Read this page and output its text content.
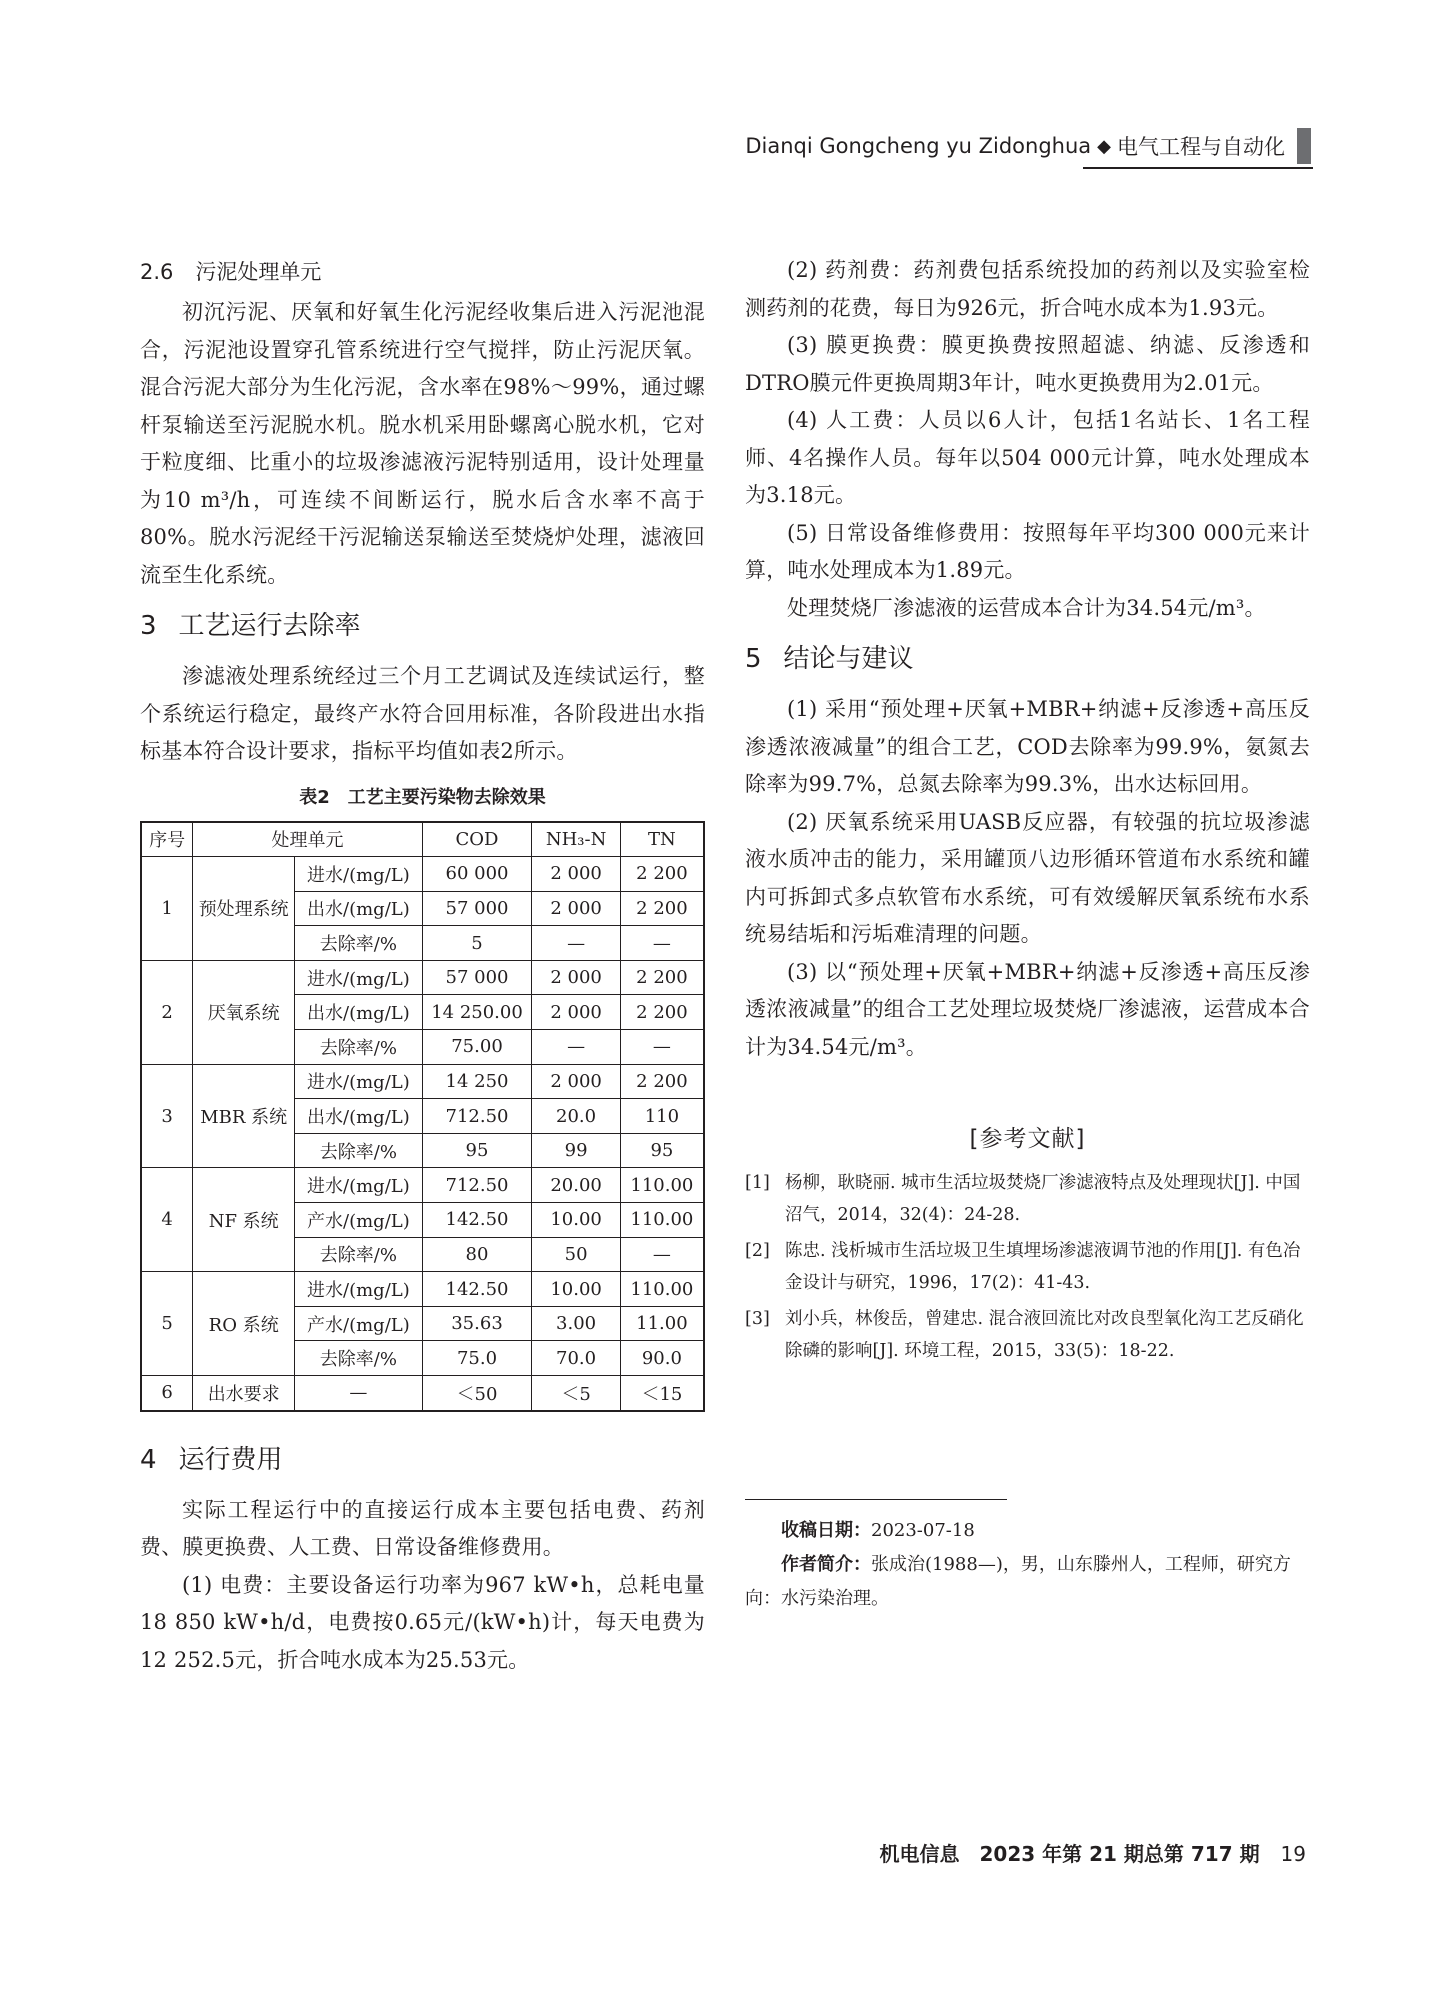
Dianqi Gongcheng yu Zidonghua ◆ 电气工程与自动化
2.6 污泥处理单元

初沉污泥、厌氧和好氧生化污泥经收集后进入污泥池混合，污泥池设置穿孔管系统进行空气搅拌，防止污泥厌氧。混合污泥大部分为生化污泥，含水率在98%～99%，通过螺杆泵输送至污泥脱水机。脱水机采用卧螺离心脱水机，它对于粒度细、比重小的垃圾渗滤液污泥特别适用，设计处理量为10 m³/h，可连续不间断运行，脱水后含水率不高于80%。脱水污泥经干污泥输送泵输送至焚烧炉处理，滤液回流至生化系统。

3 工艺运行去除率

渗滤液处理系统经过三个月工艺调试及连续试运行，整个系统运行稳定，最终产水符合回用标准，各阶段进出水指标基本符合设计要求，指标平均值如表2所示。

表2　工艺主要污染物去除效果
序号	处理单元		COD	NH₃-N	TN
1	预处理系统	进水/(mg/L)	60 000	2 000	2 200
		出水/(mg/L)	57 000	2 000	2 200
		去除率/%	5	—	—
2	厌氧系统	进水/(mg/L)	57 000	2 000	2 200
		出水/(mg/L)	14 250.00	2 000	2 200
		去除率/%	75.00	—	—
3	MBR 系统	进水/(mg/L)	14 250	2 000	2 200
		出水/(mg/L)	712.50	20.0	110
		去除率/%	95	99	95
4	NF 系统	进水/(mg/L)	712.50	20.00	110.00
		产水/(mg/L)	142.50	10.00	110.00
		去除率/%	80	50	—
5	RO 系统	进水/(mg/L)	142.50	10.00	110.00
		产水/(mg/L)	35.63	3.00	11.00
		去除率/%	75.0	70.0	90.0
6	出水要求	—	＜50	＜5	＜15
4 运行费用

实际工程运行中的直接运行成本主要包括电费、药剂费、膜更换费、人工费、日常设备维修费用。

(1) 电费：主要设备运行功率为967 kW•h，总耗电量18 850 kW•h/d，电费按0.65元/(kW•h)计，每天电费为12 252.5元，折合吨水成本为25.53元。

(2) 药剂费：药剂费包括系统投加的药剂以及实验室检测药剂的花费，每日为926元，折合吨水成本为1.93元。

(3) 膜更换费：膜更换费按照超滤、纳滤、反渗透和DTRO膜元件更换周期3年计，吨水更换费用为2.01元。

(4) 人工费：人员以6人计，包括1名站长、1名工程师、4名操作人员。每年以504 000元计算，吨水处理成本为3.18元。

(5) 日常设备维修费用：按照每年平均300 000元来计算，吨水处理成本为1.89元。

处理焚烧厂渗滤液的运营成本合计为34.54元/m³。

5 结论与建议

(1) 采用“预处理+厌氧+MBR+纳滤+反渗透+高压反渗透浓液减量”的组合工艺，COD去除率为99.9%，氨氮去除率为99.7%，总氮去除率为99.3%，出水达标回用。

(2) 厌氧系统采用UASB反应器，有较强的抗垃圾渗滤液水质冲击的能力，采用罐顶八边形循环管道布水系统和罐内可拆卸式多点软管布水系统，可有效缓解厌氧系统布水系统易结垢和污垢难清理的问题。

(3) 以“预处理+厌氧+MBR+纳滤+反渗透+高压反渗透浓液减量”的组合工艺处理垃圾焚烧厂渗滤液，运营成本合计为34.54元/m³。

[参考文献]
[1] 杨柳，耿晓丽. 城市生活垃圾焚烧厂渗滤液特点及处理现状[J]. 中国沼气，2014，32(4)：24-28.
[2] 陈忠. 浅析城市生活垃圾卫生填埋场渗滤液调节池的作用[J]. 有色冶金设计与研究，1996，17(2)：41-43.
[3] 刘小兵，林俊岳，曾建忠. 混合液回流比对改良型氧化沟工艺反硝化除磷的影响[J]. 环境工程，2015，33(5)：18-22.

收稿日期：2023-07-18

作者简介：张成治(1988—)，男，山东滕州人，工程师，研究方向：水污染治理。

机电信息　2023 年第 21 期总第 717 期 19
